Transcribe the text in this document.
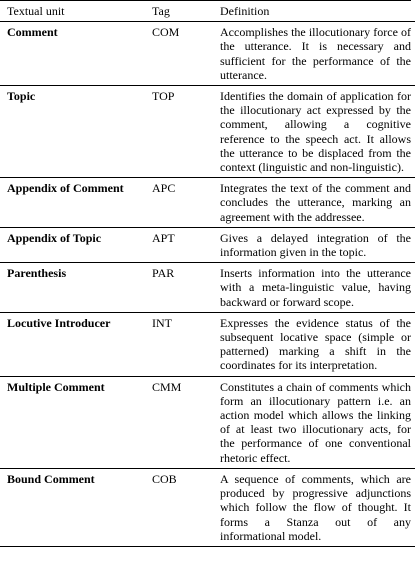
Textual unit	Tag	Definition
Comment	COM	Accomplishes the illocutionary force of the utterance. It is necessary and sufficient for the performance of the utterance.
Topic	TOP	Identifies the domain of application for the illocutionary act expressed by the comment, allowing a cognitive reference to the speech act. It allows the utterance to be displaced from the context (linguistic and non-linguistic).
Appendix of Comment	APC	Integrates the text of the comment and concludes the utterance, marking an agreement with the addressee.
Appendix of Topic	APT	Gives a delayed integration of the information given in the topic.
Parenthesis	PAR	Inserts information into the utterance with a meta-linguistic value, having backward or forward scope.
Locutive Introducer	INT	Expresses the evidence status of the subsequent locative space (simple or patterned) marking a shift in the coordinates for its interpretation.
Multiple Comment	CMM	Constitutes a chain of comments which form an illocutionary pattern i.e. an action model which allows the linking of at least two illocutionary acts, for the performance of one conventional rhetoric effect.
Bound Comment	COB	A sequence of comments, which are produced by progressive adjunctions which follow the flow of thought. It forms a Stanza out of any informational model.
